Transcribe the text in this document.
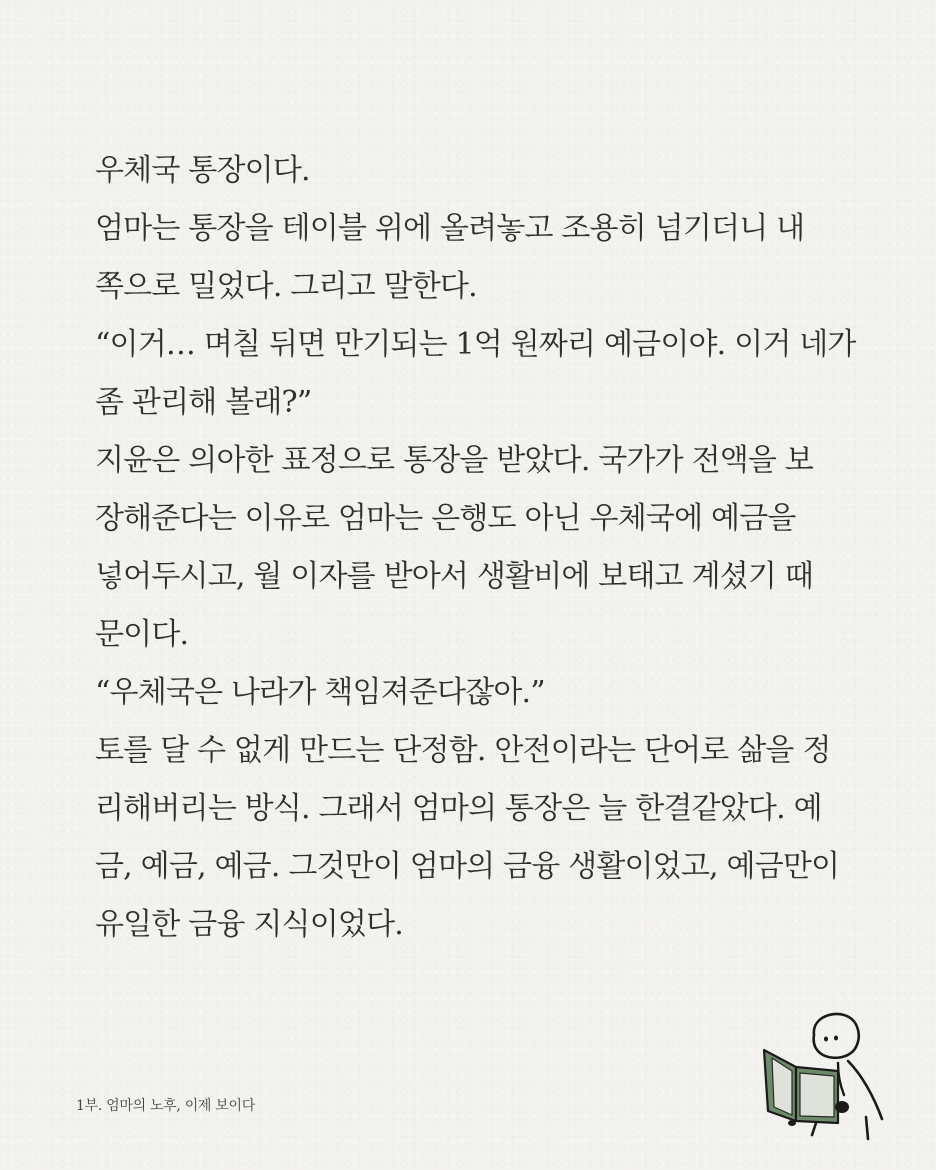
우체국 통장이다.
엄마는 통장을 테이블 위에 올려놓고 조용히 넘기더니 내
쪽으로 밀었다. 그리고 말한다.
“이거… 며칠 뒤면 만기되는 1억 원짜리 예금이야. 이거 네가
좀 관리해 볼래?”
지윤은 의아한 표정으로 통장을 받았다. 국가가 전액을 보
장해준다는 이유로 엄마는 은행도 아닌 우체국에 예금을
넣어두시고, 월 이자를 받아서 생활비에 보태고 계셨기 때
문이다.
“우체국은 나라가 책임져준다잖아.”
토를 달 수 없게 만드는 단정함. 안전이라는 단어로 삶을 정
리해버리는 방식. 그래서 엄마의 통장은 늘 한결같았다. 예
금, 예금, 예금. 그것만이 엄마의 금융 생활이었고, 예금만이
유일한 금융 지식이었다.
1부. 엄마의 노후, 이제 보이다
